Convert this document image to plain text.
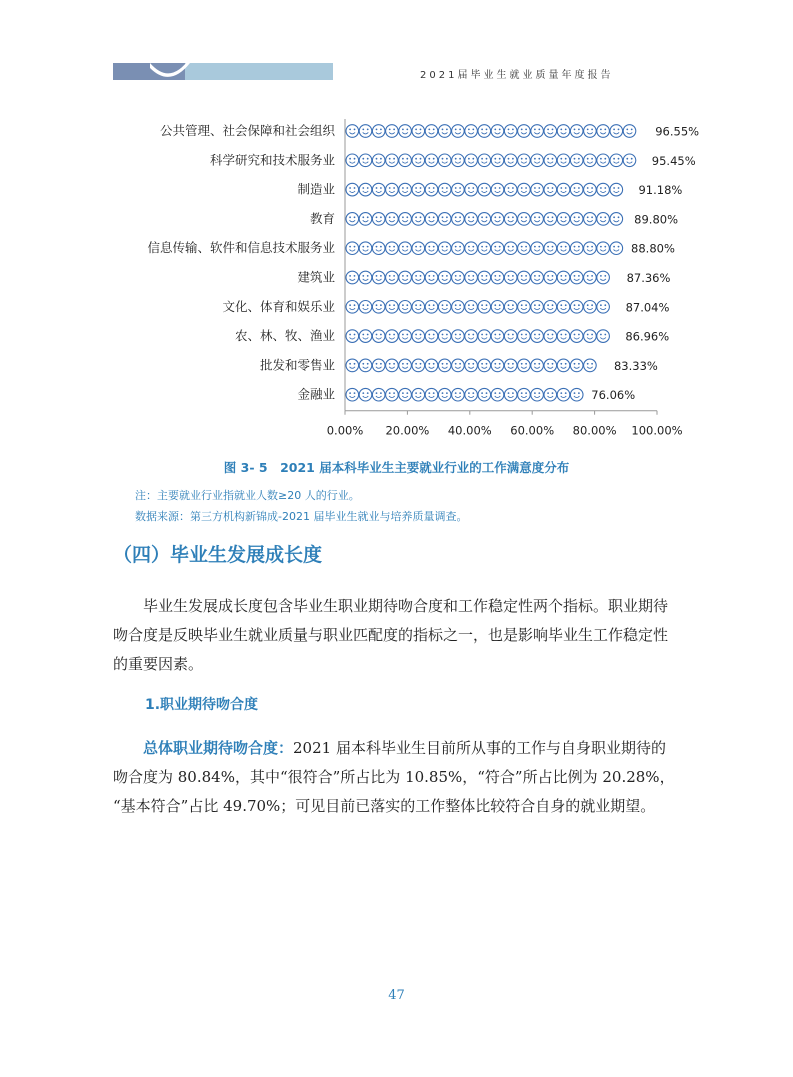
2021届毕业生就业质量年度报告
0.00% 20.00% 40.00% 60.00% 80.00% 100.00%
公共管理、社会保障和社会组织	96.55%
科学研究和技术服务业	95.45%
制造业	91.18%
教育	89.80%
信息传输、软件和信息技术服务业	88.80%
建筑业	87.36%
文化、体育和娱乐业	87.04%
农、林、牧、渔业	86.96%
批发和零售业	83.33%
金融业	76.06%
图 3- 5　2021 届本科毕业生主要就业行业的工作满意度分布
注：主要就业行业指就业人数≥20 人的行业。
数据来源：第三方机构新锦成-2021 届毕业生就业与培养质量调查。
（四）毕业生发展成长度
毕业生发展成长度包含毕业生职业期待吻合度和工作稳定性两个指标。职业期待
吻合度是反映毕业生就业质量与职业匹配度的指标之一，也是影响毕业生工作稳定性
的重要因素。
1.职业期待吻合度
总体职业期待吻合度：2021 届本科毕业生目前所从事的工作与自身职业期待的
吻合度为 80.84%，其中“很符合”所占比为 10.85%，“符合”所占比例为 20.28%，
“基本符合”占比 49.70%；可见目前已落实的工作整体比较符合自身的就业期望。
47
